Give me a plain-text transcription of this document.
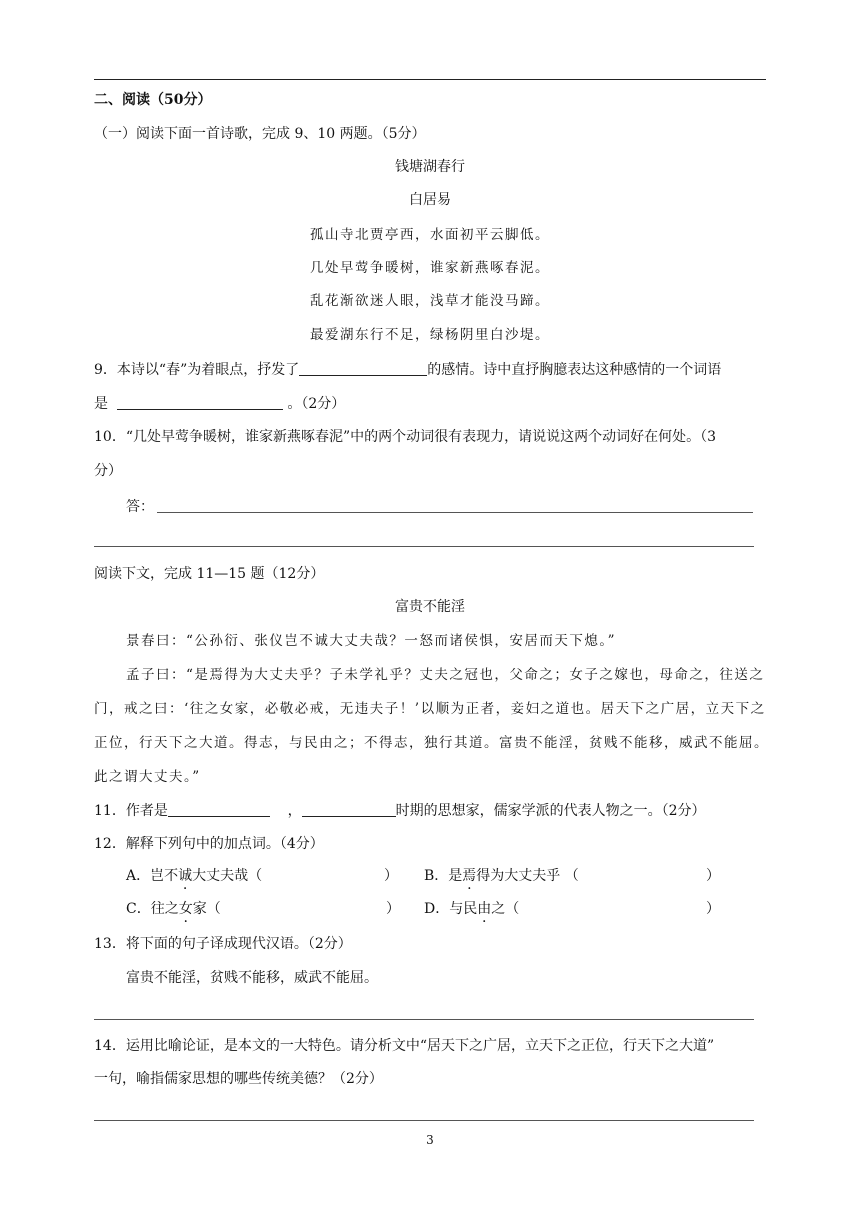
二、阅读（50分）
（一）阅读下面一首诗歌，完成 9、10 两题。（5分）
钱塘湖春行
白居易
孤山寺北贾亭西，水面初平云脚低。
几处早莺争暖树，谁家新燕啄春泥。
乱花渐欲迷人眼，浅草才能没马蹄。
最爱湖东行不足，绿杨阴里白沙堤。
9．本诗以“春”为着眼点，抒发了	的感情。诗中直抒胸臆表达这种感情的一个词语
是	。（2分）
10．“几处早莺争暖树，谁家新燕啄春泥”中的两个动词很有表现力，请说说这两个动词好在何处。（3
分）
答：
阅读下文，完成 11—15 题（12分）
富贵不能淫
景春曰：“公孙衍、张仪岂不诚大丈夫哉？一怒而诸侯惧，安居而天下熄。”
孟子曰：“是焉得为大丈夫乎？子未学礼乎？丈夫之冠也，父命之；女子之嫁也，母命之，往送之
门，戒之曰：‘往之女家，必敬必戒，无违夫子！’以顺为正者，妾妇之道也。居天下之广居，立天下之
正位，行天下之大道。得志，与民由之；不得志，独行其道。富贵不能淫，贫贱不能移，威武不能屈。
此之谓大丈夫。”
11．作者是	，	时期的思想家，儒家学派的代表人物之一。（2分）
12．解释下列句中的加点词。（4分）
A．岂不诚大丈夫哉（	） B．是焉得为大丈夫乎 （	）
C．往之女家（	） D．与民由之（	）
13．将下面的句子译成现代汉语。（2分）
富贵不能淫，贫贱不能移，威武不能屈。
14．运用比喻论证，是本文的一大特色。请分析文中“居天下之广居，立天下之正位，行天下之大道”
一句，喻指儒家思想的哪些传统美德？（2分）
3
